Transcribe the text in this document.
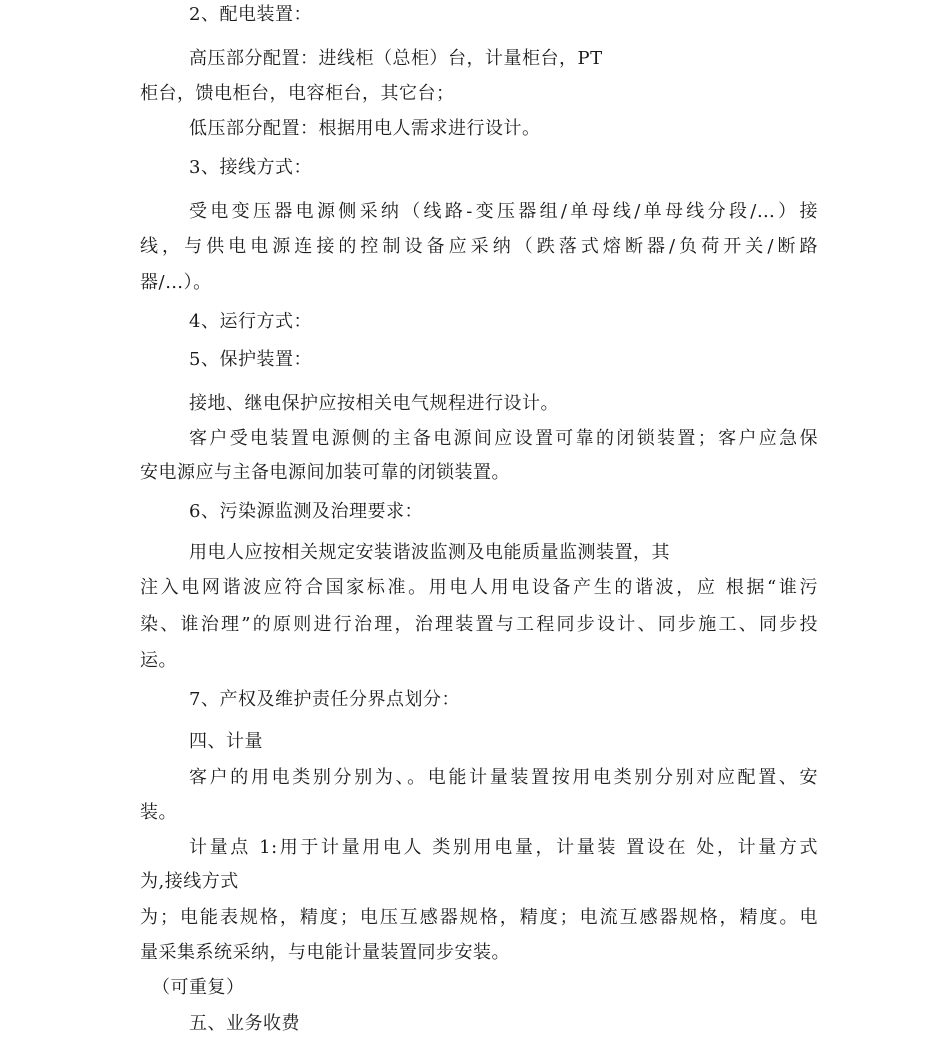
2、配电装置：
高压部分配置：进线柜（总柜）台，计量柜台，PT
柜台，馈电柜台，电容柜台，其它台；
低压部分配置：根据用电人需求进行设计。
3、接线方式：
受电变压器电源侧采纳（线路-变压器组/单母线/单母线分段/…）接
线，与供电电源连接的控制设备应采纳（跌落式熔断器/负荷开关/断路
器/…）。
4、运行方式：
5、保护装置：
接地、继电保护应按相关电气规程进行设计。
客户受电装置电源侧的主备电源间应设置可靠的闭锁装置；客户应急保
安电源应与主备电源间加装可靠的闭锁装置。
6、污染源监测及治理要求：
用电人应按相关规定安装谐波监测及电能质量监测装置，其
注入电网谐波应符合国家标准。用电人用电设备产生的谐波，应 根据“谁污
染、谁治理”的原则进行治理，治理装置与工程同步设计、同步施工、同步投
运。
7、产权及维护责任分界点划分：
四、计量
客户的用电类别分别为、。电能计量装置按用电类别分别对应配置、安
装。
计量点 1:用于计量用电人 类别用电量，计量装 置设在 处，计量方式
为,接线方式
为；电能表规格，精度；电压互感器规格，精度；电流互感器规格，精度。电
量采集系统采纳，与电能计量装置同步安装。
（可重复）
五、业务收费
